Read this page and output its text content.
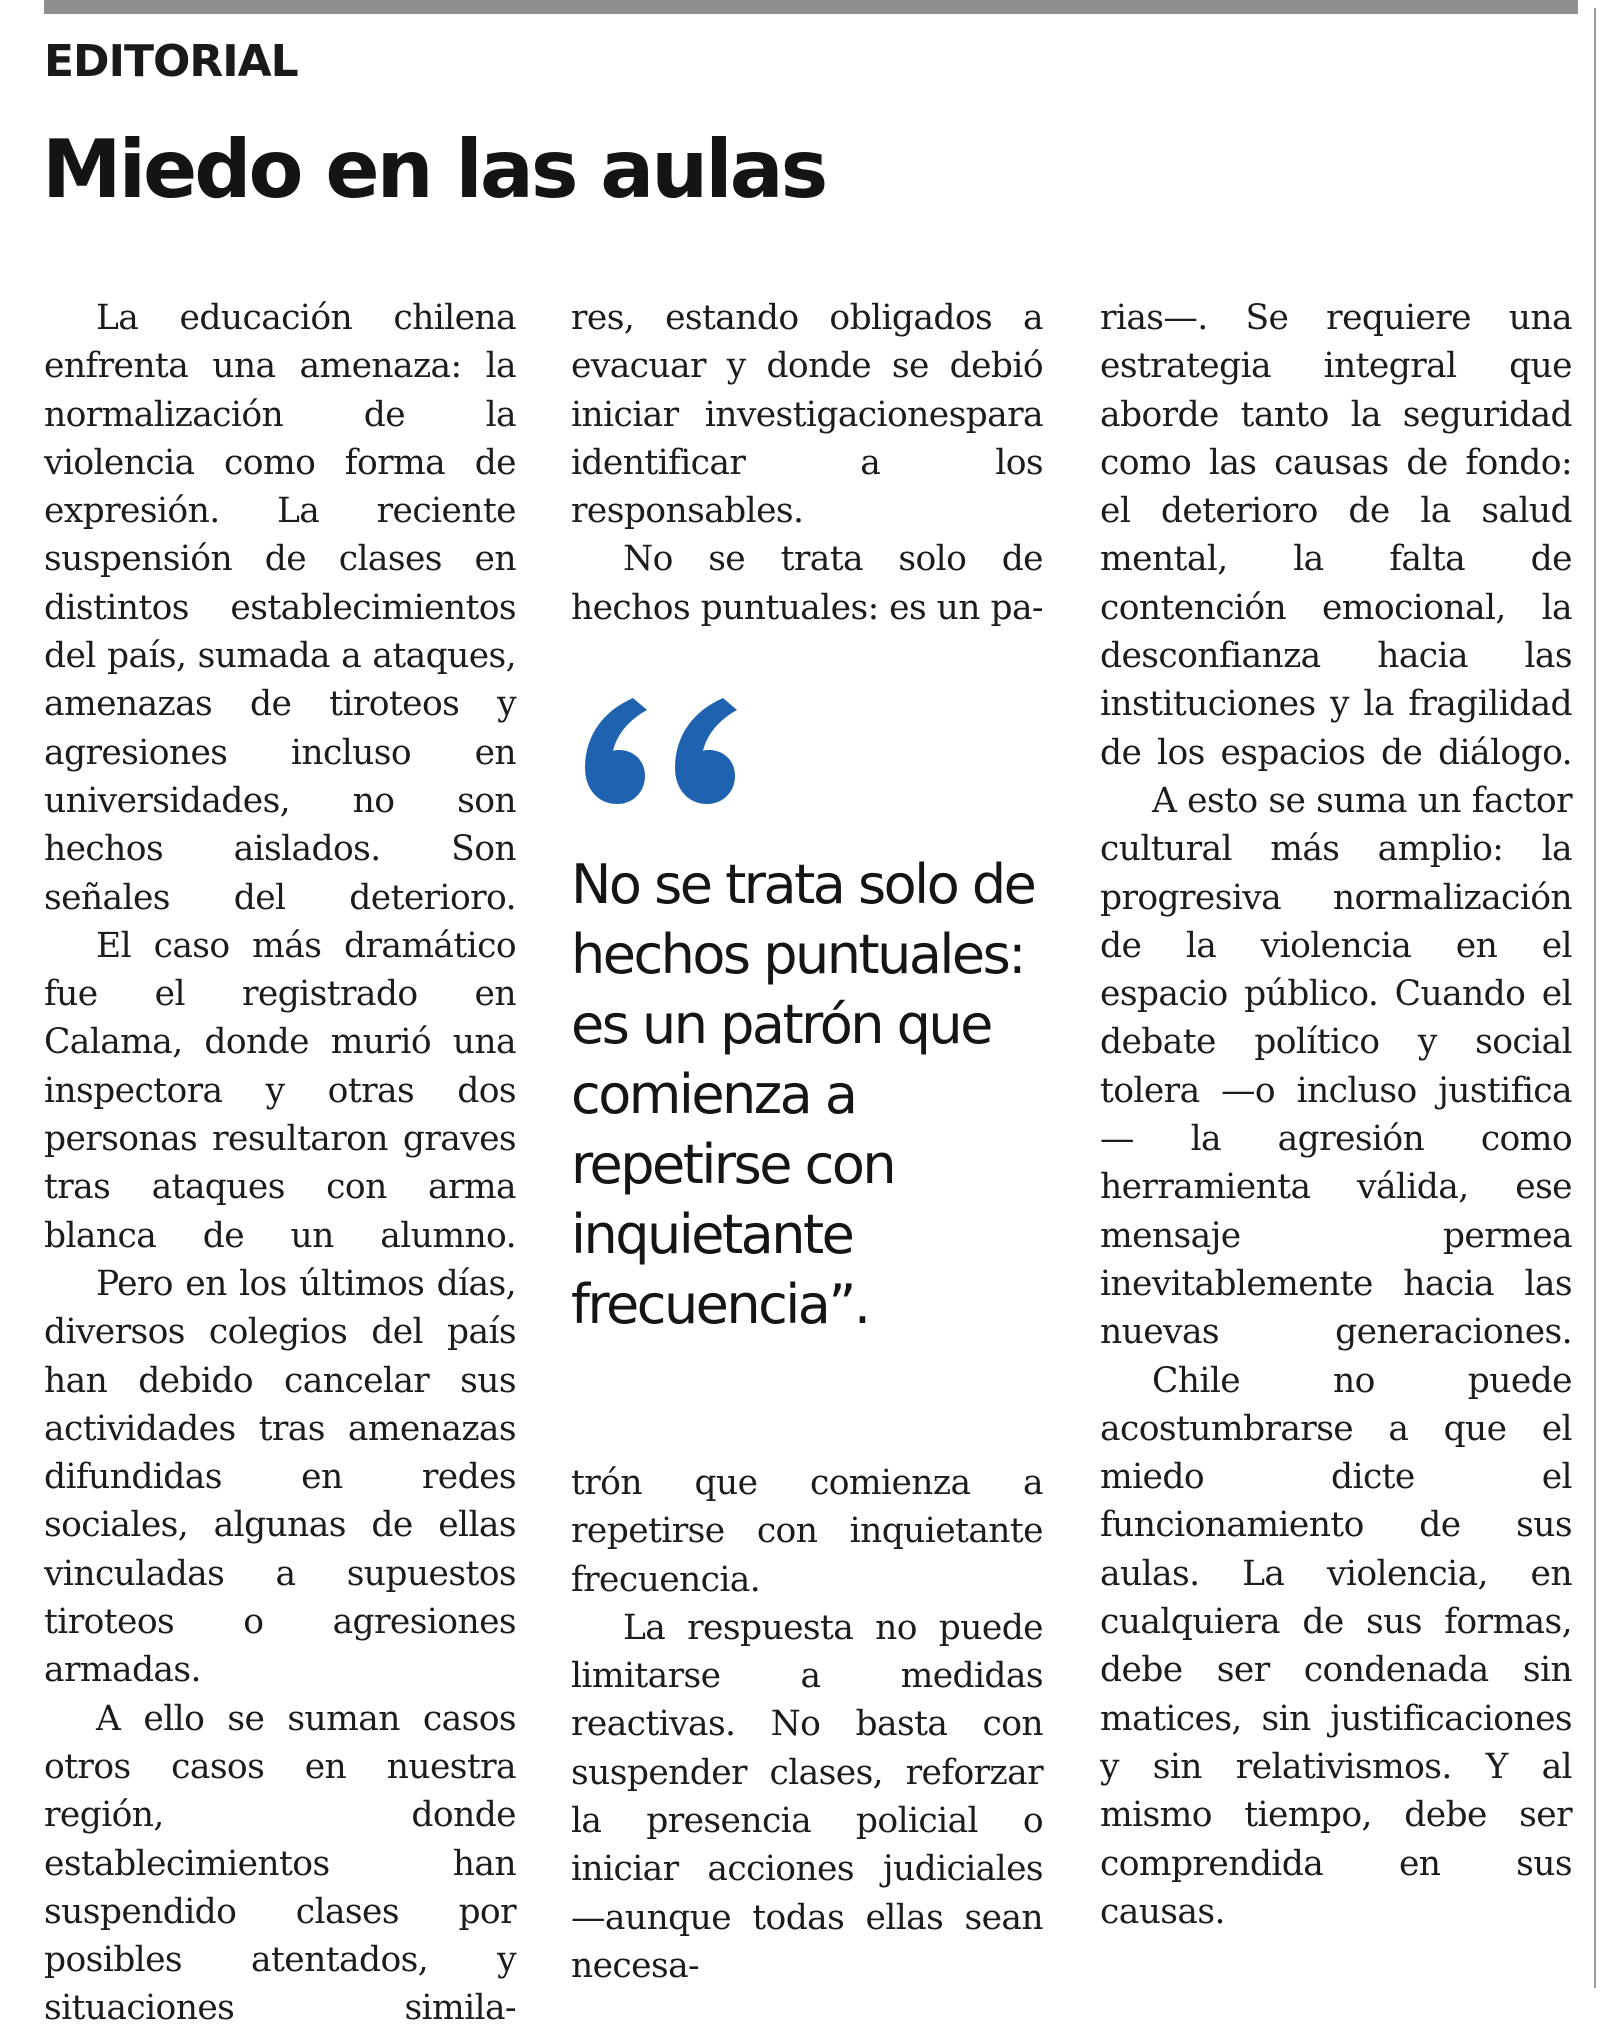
EDITORIAL
Miedo en las aulas

La educación chilena enfrenta una amenaza: la normalización de la violencia como forma de expresión. La reciente suspensión de clases en distintos establecimientos del país, sumada a ataques, amenazas de tiroteos y agresiones incluso en universidades, no son hechos aislados. Son señales del deterioro.

El caso más dramático fue el registrado en Calama, donde murió una inspectora y otras dos personas resultaron graves tras ataques con arma blanca de un alumno.

Pero en los últimos días, diversos colegios del país han debido cancelar sus actividades tras amenazas difundidas en redes sociales, algunas de ellas vinculadas a supuestos tiroteos o agresiones armadas.

A ello se suman casos otros casos en nuestra región, donde establecimientos han suspendido clases por posibles atentados, y situaciones simila-

res, estando obligados a evacuar y donde se debió iniciar investigacionespara identificar a los responsables.

No se trata solo de hechos puntuales: es un pa-

No se trata solo de hechos puntuales: es un patrón que comienza a repetirse con inquietante frecuencia”.

trón que comienza a repetirse con inquietante frecuencia.

La respuesta no puede limitarse a medidas reactivas. No basta con suspender clases, reforzar la presencia policial o iniciar acciones judiciales —aunque todas ellas sean necesa-

rias—. Se requiere una estrategia integral que aborde tanto la seguridad como las causas de fondo: el deterioro de la salud mental, la falta de contención emocional, la desconfianza hacia las instituciones y la fragilidad de los espacios de diálogo.

A esto se suma un factor cultural más amplio: la progresiva normalización de la violencia en el espacio público. Cuando el debate político y social tolera —o incluso justifica— la agresión como herramienta válida, ese mensaje permea inevitablemente hacia las nuevas generaciones.

Chile no puede acostumbrarse a que el miedo dicte el funcionamiento de sus aulas. La violencia, en cualquiera de sus formas, debe ser condenada sin matices, sin justificaciones y sin relativismos. Y al mismo tiempo, debe ser comprendida en sus causas.
